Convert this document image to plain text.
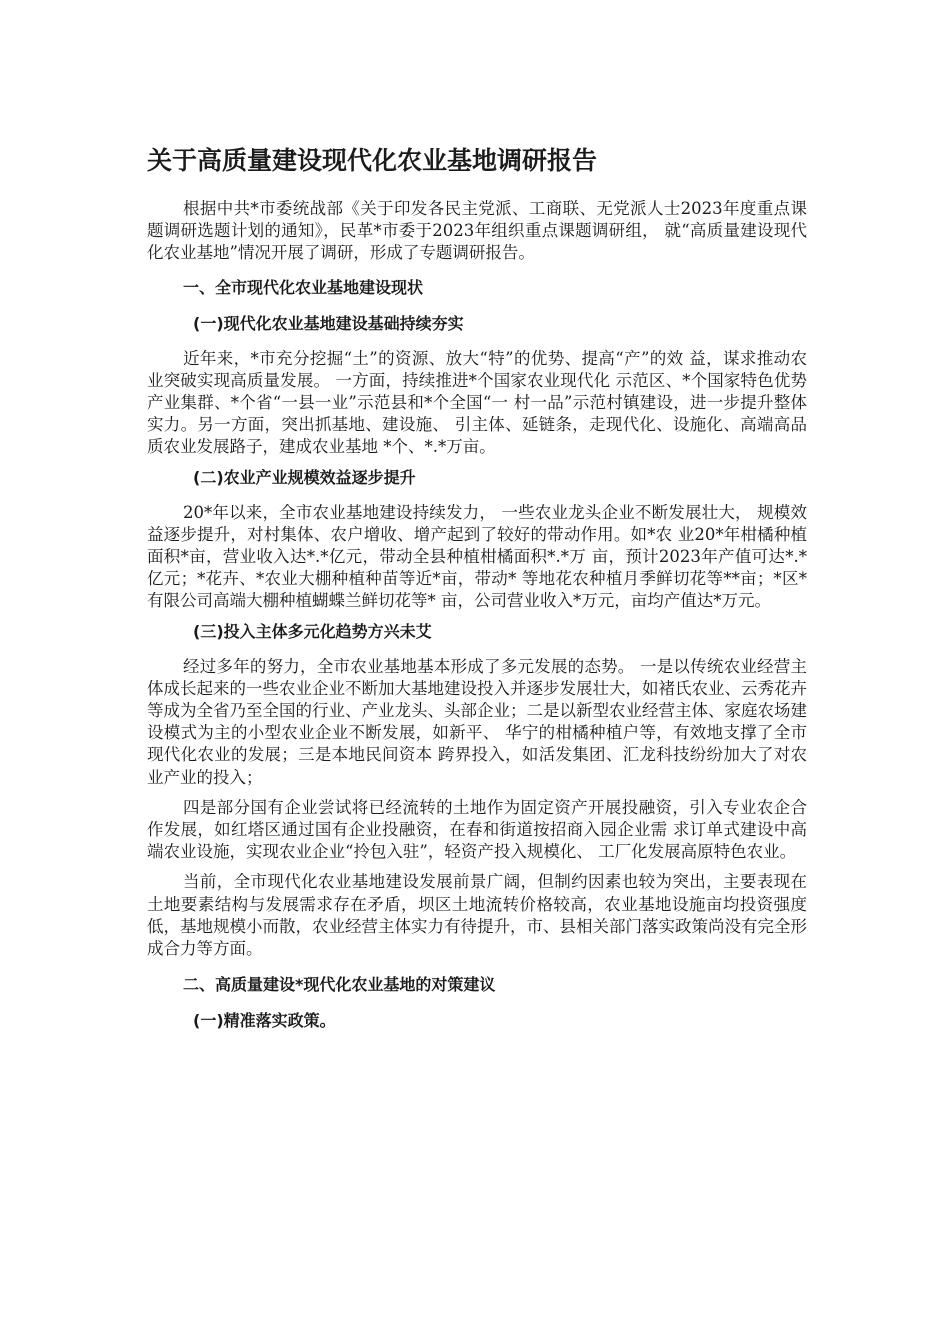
关于高质量建设现代化农业基地调研报告

根据中共*市委统战部《关于印发各民主党派、工商联、无党派人士2023年度重点课题调研选题计划的通知》，民革*市委于2023年组织重点课题调研组， 就“高质量建设现代化农业基地”情况开展了调研，形成了专题调研报告。

一、全市现代化农业基地建设现状
(一)现代化农业基地建设基础持续夯实

近年来，*市充分挖掘“土”的资源、放大“特”的优势、提高“产”的效 益，谋求推动农业突破实现高质量发展。 一方面，持续推进*个国家农业现代化 示范区、*个国家特色优势产业集群、*个省“一县一业”示范县和*个全国“一 村一品”示范村镇建设，进一步提升整体实力。另一方面，突出抓基地、建设施、 引主体、延链条，走现代化、设施化、高端高品质农业发展路子，建成农业基地 *个、*.*万亩。

(二)农业产业规模效益逐步提升

20*年以来，全市农业基地建设持续发力， 一些农业龙头企业不断发展壮大， 规模效益逐步提升，对村集体、农户增收、增产起到了较好的带动作用。如*农 业20*年柑橘种植面积*亩，营业收入达*.*亿元，带动全县种植柑橘面积*.*万 亩，预计2023年产值可达*.*亿元；*花卉、*农业大棚种植种苗等近*亩，带动* 等地花农种植月季鲜切花等**亩；*区*有限公司高端大棚种植蝴蝶兰鲜切花等* 亩，公司营业收入*万元，亩均产值达*万元。

(三)投入主体多元化趋势方兴未艾

经过多年的努力，全市农业基地基本形成了多元发展的态势。 一是以传统农业经营主体成长起来的一些农业企业不断加大基地建设投入并逐步发展壮大，如褚氏农业、云秀花卉等成为全省乃至全国的行业、产业龙头、头部企业；二是以新型农业经营主体、家庭农场建设模式为主的小型农业企业不断发展，如新平、 华宁的柑橘种植户等，有效地支撑了全市现代化农业的发展；三是本地民间资本 跨界投入，如活发集团、汇龙科技纷纷加大了对农业产业的投入；

四是部分国有企业尝试将已经流转的土地作为固定资产开展投融资，引入专业农企合作发展，如红塔区通过国有企业投融资，在春和街道按招商入园企业需 求订单式建设中高端农业设施，实现农业企业“拎包入驻”，轻资产投入规模化、 工厂化发展高原特色农业。

当前，全市现代化农业基地建设发展前景广阔，但制约因素也较为突出，主要表现在土地要素结构与发展需求存在矛盾，坝区土地流转价格较高，农业基地设施亩均投资强度低，基地规模小而散，农业经营主体实力有待提升，市、县相关部门落实政策尚没有完全形成合力等方面。

二、高质量建设*现代化农业基地的对策建议
(一)精准落实政策。
